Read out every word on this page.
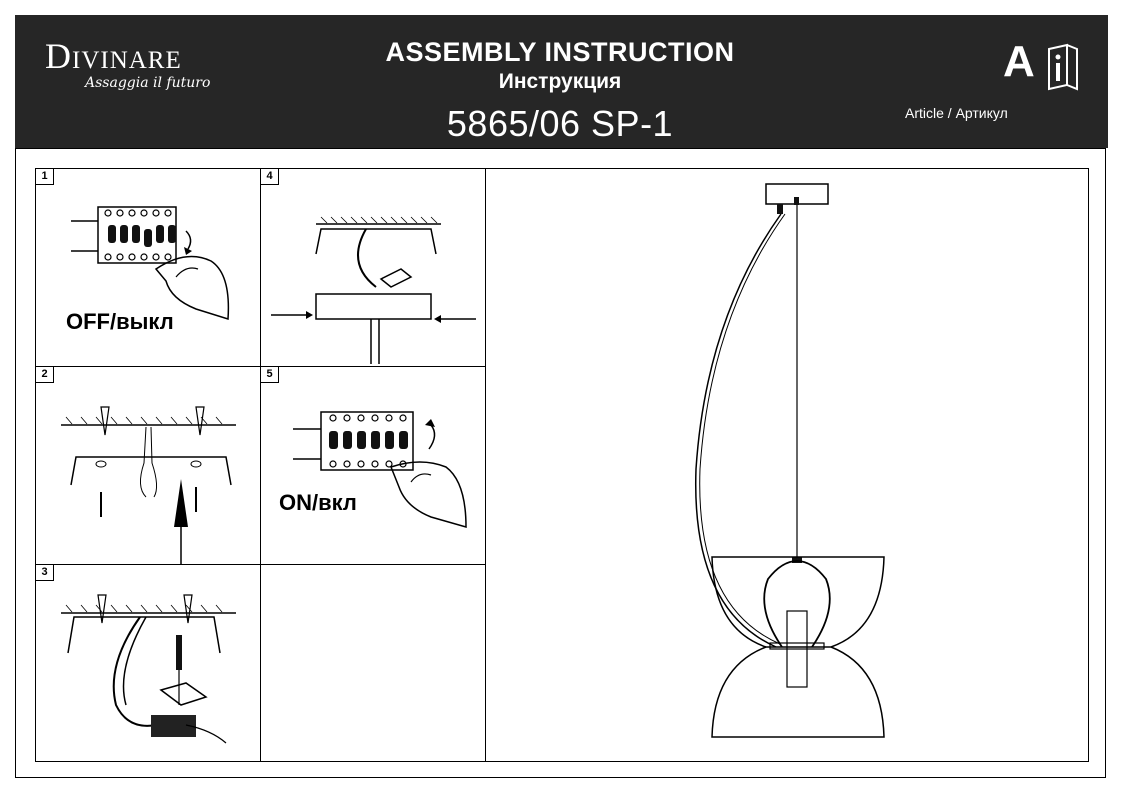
Divinare
Assaggia il futuro
ASSEMBLY INSTRUCTION
Инструкция
5865/06 SP-1
A
Article / Артикул
1
OFF/выкл
4
2	5
ON/вкл
3
